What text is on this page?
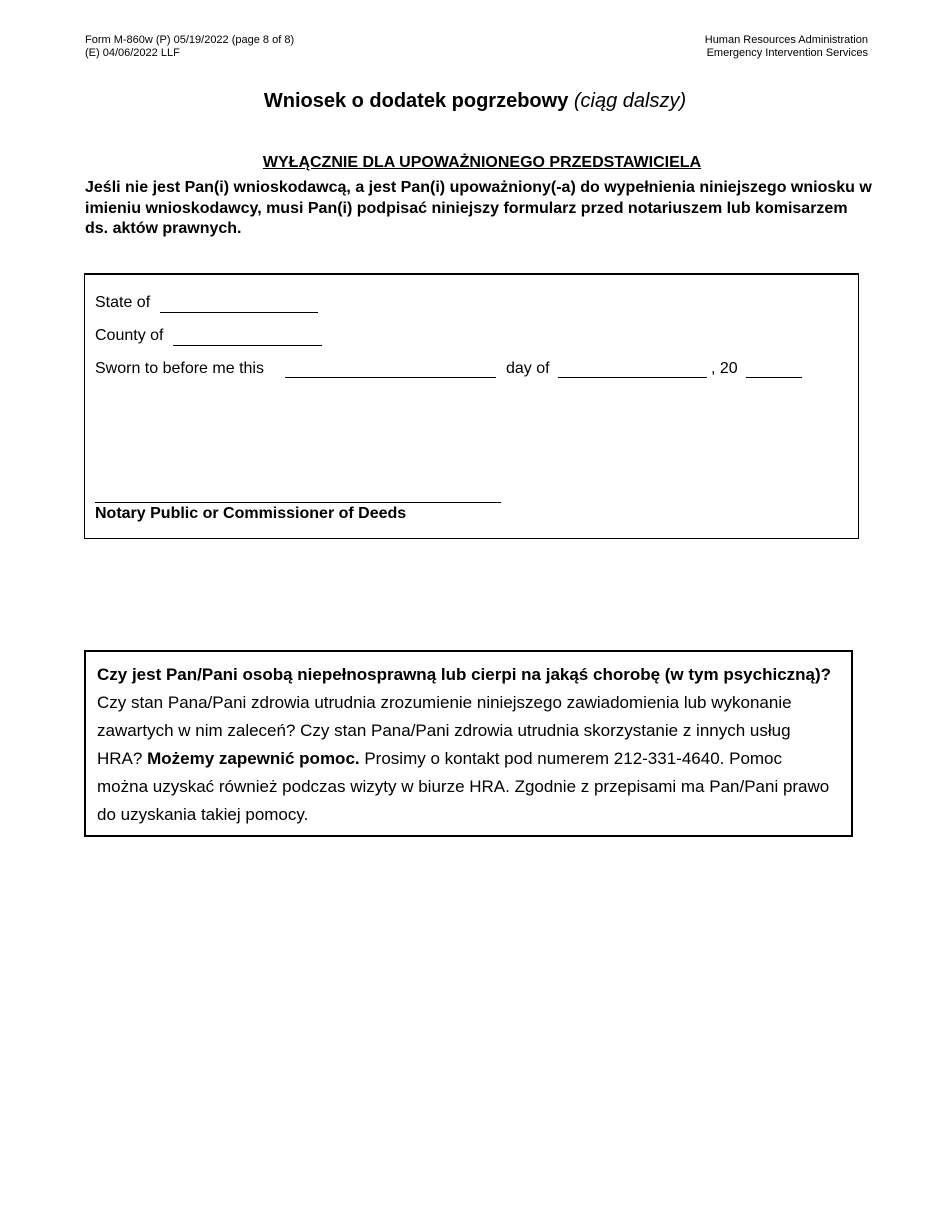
Form M-860w (P) 05/19/2022 (page 8 of 8)
(E) 04/06/2022 LLF
Human Resources Administration
Emergency Intervention Services
Wniosek o dodatek pogrzebowy (ciąg dalszy)
WYŁĄCZNIE DLA UPOWAŻNIONEGO PRZEDSTAWICIELA
Jeśli nie jest Pan(i) wnioskodawcą, a jest Pan(i) upoważniony(-a) do wypełnienia niniejszego wniosku w imieniu wnioskodawcy, musi Pan(i) podpisać niniejszy formularz przed notariuszem lub komisarzem ds. aktów prawnych.
State of
County of
Sworn to before me this	day of	, 20
Notary Public or Commissioner of Deeds
Czy jest Pan/Pani osobą niepełnosprawną lub cierpi na jakąś chorobę (w tym psychiczną)? Czy stan Pana/Pani zdrowia utrudnia zrozumienie niniejszego zawiadomienia lub wykonanie zawartych w nim zaleceń? Czy stan Pana/Pani zdrowia utrudnia skorzystanie z innych usług HRA? Możemy zapewnić pomoc. Prosimy o kontakt pod numerem 212-331-4640. Pomoc można uzyskać również podczas wizyty w biurze HRA. Zgodnie z przepisami ma Pan/Pani prawo do uzyskania takiej pomocy.
